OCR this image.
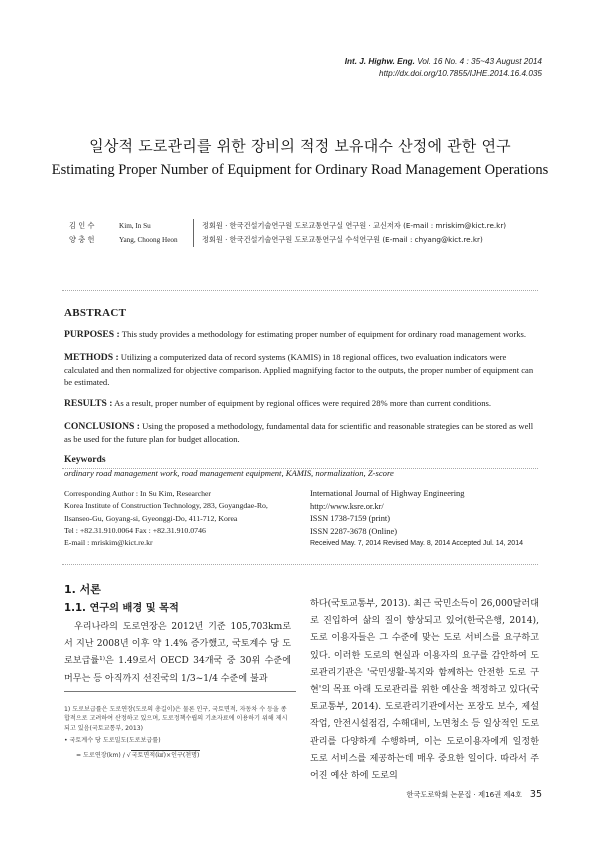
Int. J. Highw. Eng. Vol. 16 No. 4 : 35~43 August 2014
http://dx.doi.org/10.7855/IJHE.2014.16.4.035
일상적 도로관리를 위한 장비의 적정 보유대수 산정에 관한 연구
Estimating Proper Number of Equipment for Ordinary Road Management Operations
김 인 수	Kim, In Su	정회원 · 한국건설기술연구원 도로교통연구실 연구원 · 교신저자 (E-mail : mriskim@kict.re.kr)
양 충 헌	Yang, Choong Heon	정회원 · 한국건설기술연구원 도로교통연구실 수석연구원 (E-mail : chyang@kict.re.kr)
ABSTRACT

PURPOSES : This study provides a methodology for estimating proper number of equipment for ordinary road management works.

METHODS : Utilizing a computerized data of record systems (KAMIS) in 18 regional offices, two evaluation indicators were calculated and then normalized for objective comparison. Applied magnifying factor to the outputs, the proper number of equipment can be estimated.

RESULTS : As a result, proper number of equipment by regional offices were required 28% more than current conditions.

CONCLUSIONS : Using the proposed a methodology, fundamental data for scientific and reasonable strategies can be stored as well as be used for the future plan for budget allocation.

Keywords

ordinary road management work, road management equipment, KAMIS, normalization, Z-score

Corresponding Author : In Su Kim, Researcher
Korea Institute of Construction Technology, 283, Goyangdae-Ro,
Ilsanseo-Gu, Goyang-si, Gyeonggi-Do, 411-712, Korea
Tel : +82.31.910.0064 Fax : +82.31.910.0746
E-mail : mriskim@kict.re.kr
International Journal of Highway Engineering
http://www.ksre.or.kr/
ISSN 1738-7159 (print)
ISSN 2287-3678 (Online)
Received May. 7, 2014 Revised May. 8, 2014 Accepted Jul. 14, 2014
1. 서론
1.1. 연구의 배경 및 목적
우리나라의 도로연장은 2012년 기준 105,703km로서 지난 2008년 이후 약 1.4% 증가했고, 국토계수 당 도로보급률¹⁾은 1.49로서 OECD 34개국 중 30위 수준에 머무는 등 아직까지 선진국의 1/3~1/4 수준에 불과
하다(국토교통부, 2013). 최근 국민소득이 26,000달러대로 진입하여 삶의 질이 향상되고 있어(한국은행, 2014), 도로 이용자들은 그 수준에 맞는 도로 서비스를 요구하고 있다. 이러한 도로의 현실과 이용자의 요구를 감안하여 도로관리기관은 '국민생활-복지와 함께하는 안전한 도로 구현'의 목표 아래 도로관리를 위한 예산을 책정하고 있다(국토교통부, 2014). 도로관리기관에서는 포장도 보수, 제설작업, 안전시설점검, 수해대비, 노면청소 등 일상적인 도로관리를 다양하게 수행하며, 이는 도로이용자에게 일정한 도로 서비스를 제공하는데 매우 중요한 일이다. 따라서 주어진 예산 하에 도로의
1) 도로보급률은 도로연장(도로의 총길이)은 물론 인구, 국토면적, 자동차 수 등을 종합적으로 고려하여 산정하고 있으며, 도로정책수립의 기초자료에 이용하기 위해 제시되고 있음(국토교통부, 2013)
• 국토계수 당 도로밀도(도로보급률)
= 도로연장(km) / √국토면적(㎢)×인구(천명)
한국도로학회 논문집 · 제16권 제4호 35
